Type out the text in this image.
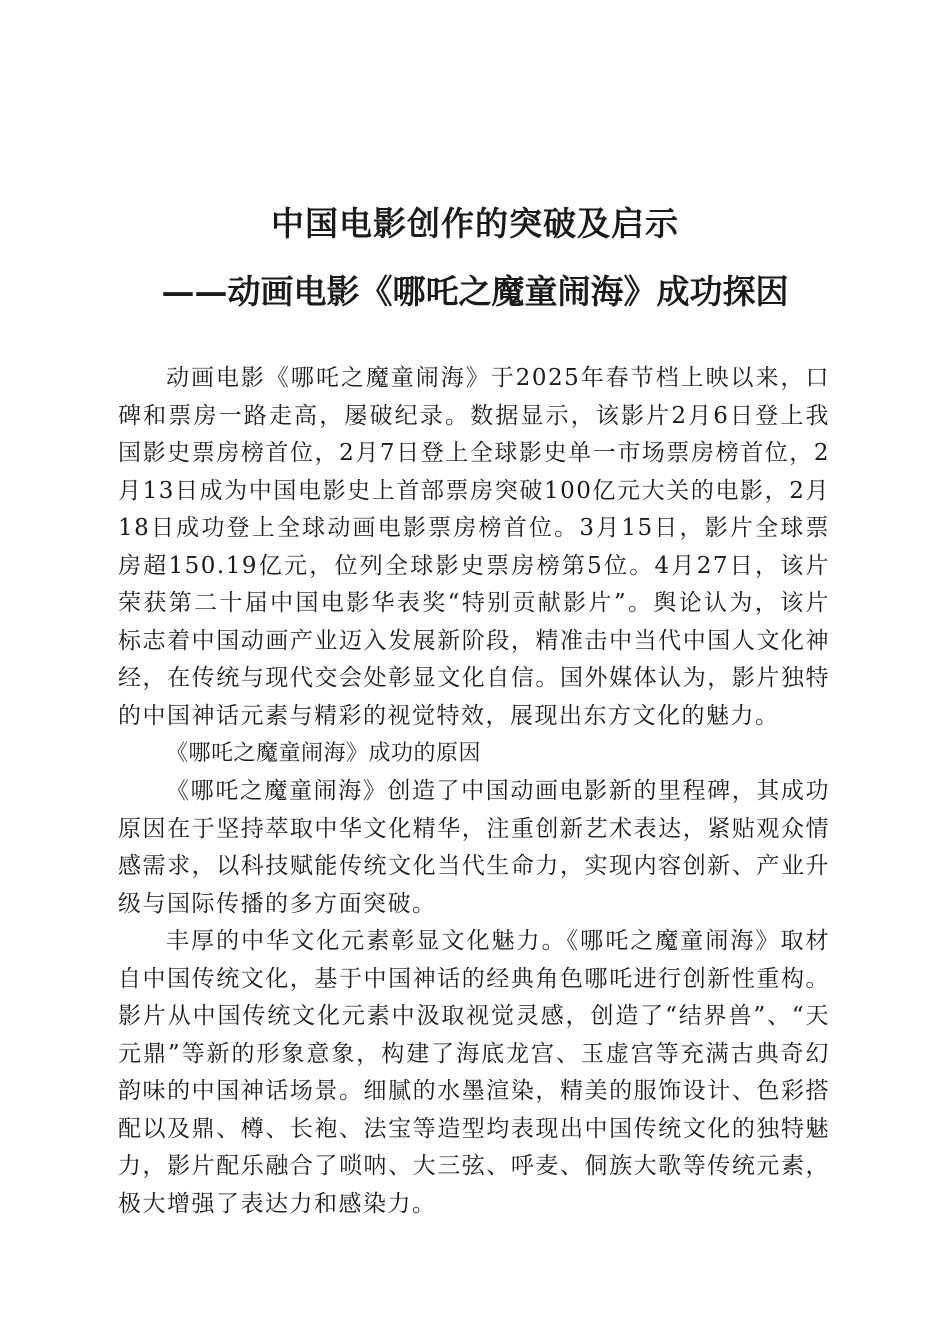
中国电影创作的突破及启示
——动画电影《哪吒之魔童闹海》成功探因

动画电影《哪吒之魔童闹海》于2025年春节档上映以来，口碑和票房一路走高，屡破纪录。数据显示，该影片2月6日登上我国影史票房榜首位，2月7日登上全球影史单一市场票房榜首位，2月13日成为中国电影史上首部票房突破100亿元大关的电影，2月18日成功登上全球动画电影票房榜首位。3月15日，影片全球票房超150.19亿元，位列全球影史票房榜第5位。4月27日，该片荣获第二十届中国电影华表奖“特别贡献影片”。舆论认为，该片标志着中国动画产业迈入发展新阶段，精准击中当代中国人文化神经，在传统与现代交会处彰显文化自信。国外媒体认为，影片独特的中国神话元素与精彩的视觉特效，展现出东方文化的魅力。

《哪吒之魔童闹海》成功的原因

《哪吒之魔童闹海》创造了中国动画电影新的里程碑，其成功原因在于坚持萃取中华文化精华，注重创新艺术表达，紧贴观众情感需求，以科技赋能传统文化当代生命力，实现内容创新、产业升级与国际传播的多方面突破。

丰厚的中华文化元素彰显文化魅力。《哪吒之魔童闹海》取材自中国传统文化，基于中国神话的经典角色哪吒进行创新性重构。影片从中国传统文化元素中汲取视觉灵感，创造了“结界兽”、“天元鼎”等新的形象意象，构建了海底龙宫、玉虚宫等充满古典奇幻韵味的中国神话场景。细腻的水墨渲染，精美的服饰设计、色彩搭配以及鼎、樽、长袍、法宝等造型均表现出中国传统文化的独特魅力，影片配乐融合了唢呐、大三弦、呼麦、侗族大歌等传统元素，极大增强了表达力和感染力。
